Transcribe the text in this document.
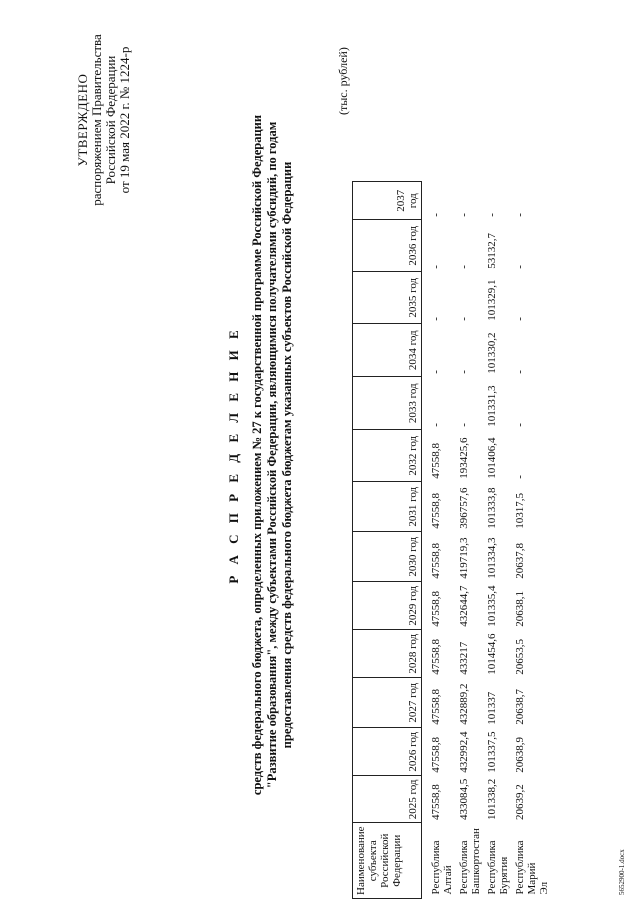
УТВЕРЖДЕНО распоряжением Правительства Российской Федерации от 19 мая 2022 г. № 1224-р
Р А С П Р Е Д Е Л Е Н И Е средств федерального бюджета, определенных приложением № 27 к государственной программе Российской Федерации "Развитие образования", между субъектами Российской Федерации, являющимися получателями субсидий, по годам предоставления средств федерального бюджета бюджетам указанных субъектов Российской Федерации
(тыс. рублей)
Наименование субъекта Российской Федерации	2025 год	2026 год	2027 год	2028 год	2029 год	2030 год	2031 год	2032 год	2033 год	2034 год	2035 год	2036 год	2037 год

Республика Алтай	47558,8	47558,8	47558,8	47558,8	47558,8	47558,8	47558,8	47558,8	-	-	-	-	-

Республика Башкортостан	433084,5	432992,4	432889,2	433217	432644,7	419719,3	396757,6	193425,6	-	-	-	-	-

Республика Бурятия	101338,2	101337,5	101337	101454,6	101335,4	101334,3	101333,8	101406,4	101331,3	101330,2	101329,1	53132,7	-

Республика Марий Эл	20639,2	20638,9	20638,7	20653,5	20638,1	20637,8	10317,5	-	-	-	-	-	-
5652900-1.docx
